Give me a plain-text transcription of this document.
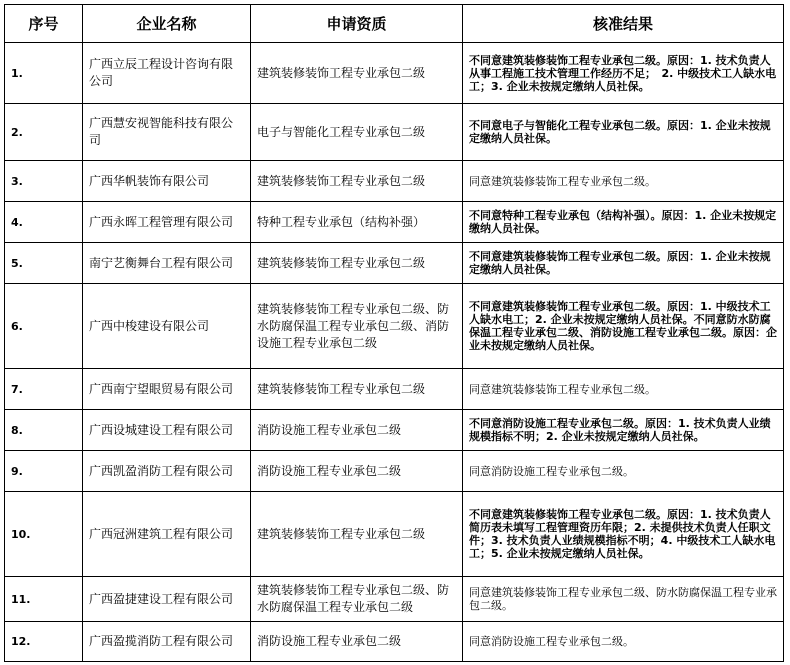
序号	企业名称	申请资质	核准结果
1.	广西立辰工程设计咨询有限公司	建筑装修装饰工程专业承包二级	不同意建筑装修装饰工程专业承包二级。原因：1. 技术负责人从事工程施工技术管理工作经历不足；　2. 中级技术工人缺水电工；3. 企业未按规定缴纳人员社保。
2.	广西慧安视智能科技有限公司	电子与智能化工程专业承包二级	不同意电子与智能化工程专业承包二级。原因：1. 企业未按规定缴纳人员社保。
3.	广西华帆装饰有限公司	建筑装修装饰工程专业承包二级	同意建筑装修装饰工程专业承包二级。
4.	广西永晖工程管理有限公司	特种工程专业承包（结构补强）	不同意特种工程专业承包（结构补强）。原因：1. 企业未按规定缴纳人员社保。
5.	南宁艺衡舞台工程有限公司	建筑装修装饰工程专业承包二级	不同意建筑装修装饰工程专业承包二级。原因：1. 企业未按规定缴纳人员社保。
6.	广西中梭建设有限公司	建筑装修装饰工程专业承包二级、防水防腐保温工程专业承包二级、消防设施工程专业承包二级	不同意建筑装修装饰工程专业承包二级。原因：1. 中级技术工人缺水电工；2. 企业未按规定缴纳人员社保。不同意防水防腐保温工程专业承包二级、消防设施工程专业承包二级。原因：企业未按规定缴纳人员社保。
7.	广西南宁望眼贸易有限公司	建筑装修装饰工程专业承包二级	同意建筑装修装饰工程专业承包二级。
8.	广西设城建设工程有限公司	消防设施工程专业承包二级	不同意消防设施工程专业承包二级。原因：1. 技术负责人业绩规模指标不明；2. 企业未按规定缴纳人员社保。
9.	广西凯盈消防工程有限公司	消防设施工程专业承包二级	同意消防设施工程专业承包二级。
10.	广西冠洲建筑工程有限公司	建筑装修装饰工程专业承包二级	不同意建筑装修装饰工程专业承包二级。原因：1. 技术负责人简历表未填写工程管理资历年限；2. 未提供技术负责人任职文件；3. 技术负责人业绩规模指标不明；4. 中级技术工人缺水电工；5. 企业未按规定缴纳人员社保。
11.	广西盈捷建设工程有限公司	建筑装修装饰工程专业承包二级、防水防腐保温工程专业承包二级	同意建筑装修装饰工程专业承包二级、防水防腐保温工程专业承包二级。
12.	广西盈揽消防工程有限公司	消防设施工程专业承包二级	同意消防设施工程专业承包二级。
